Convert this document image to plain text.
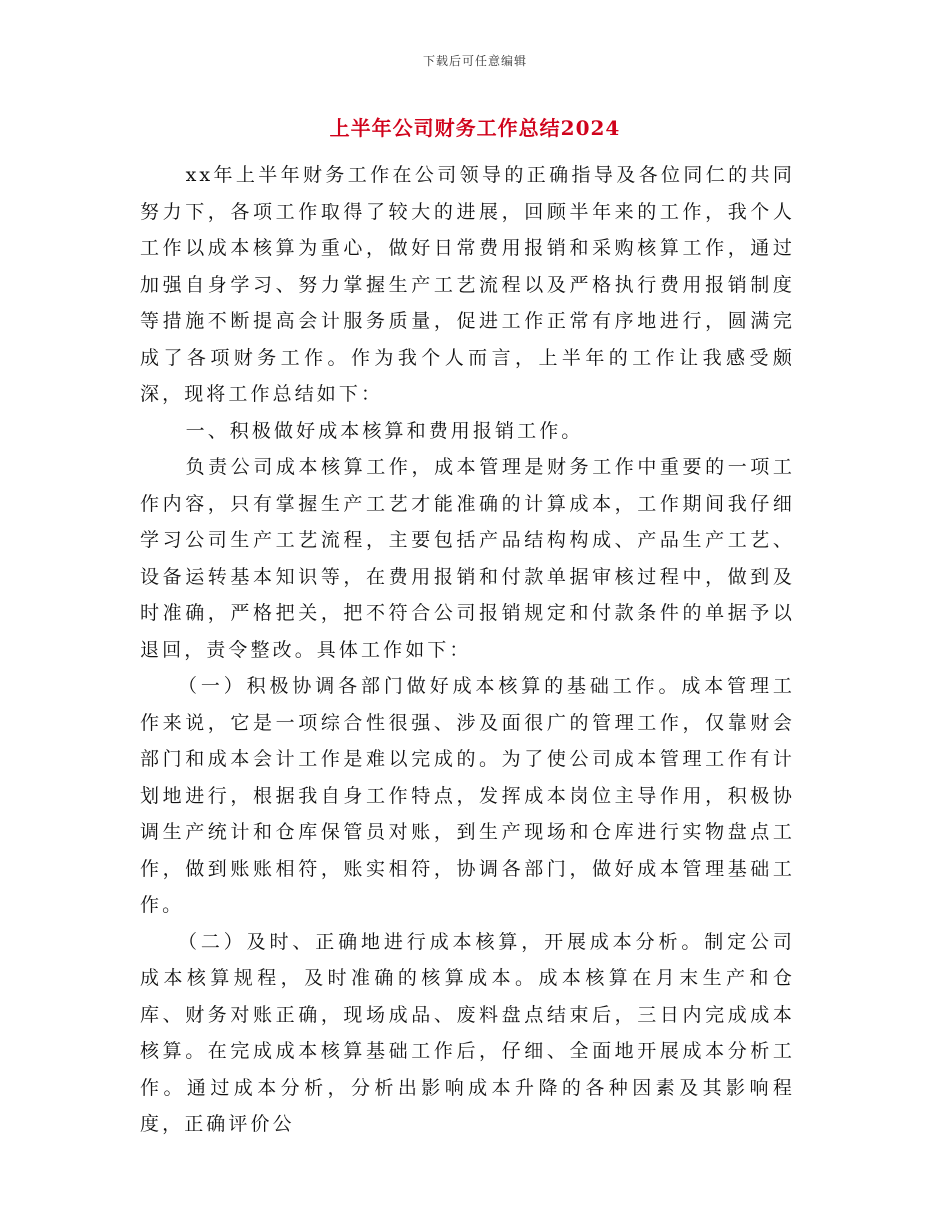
下载后可任意编辑
上半年公司财务工作总结2024

xx年上半年财务工作在公司领导的正确指导及各位同仁的共同努力下，各项工作取得了较大的进展，回顾半年来的工作，我个人工作以成本核算为重心，做好日常费用报销和采购核算工作，通过加强自身学习、努力掌握生产工艺流程以及严格执行费用报销制度等措施不断提高会计服务质量，促进工作正常有序地进行，圆满完成了各项财务工作。作为我个人而言，上半年的工作让我感受颇深，现将工作总结如下：

一、积极做好成本核算和费用报销工作。

负责公司成本核算工作，成本管理是财务工作中重要的一项工作内容，只有掌握生产工艺才能准确的计算成本，工作期间我仔细学习公司生产工艺流程，主要包括产品结构构成、产品生产工艺、设备运转基本知识等，在费用报销和付款单据审核过程中，做到及时准确，严格把关，把不符合公司报销规定和付款条件的单据予以退回，责令整改。具体工作如下：

（一）积极协调各部门做好成本核算的基础工作。成本管理工作来说，它是一项综合性很强、涉及面很广的管理工作，仅靠财会部门和成本会计工作是难以完成的。为了使公司成本管理工作有计划地进行，根据我自身工作特点，发挥成本岗位主导作用，积极协调生产统计和仓库保管员对账，到生产现场和仓库进行实物盘点工作，做到账账相符，账实相符，协调各部门，做好成本管理基础工作。

（二）及时、正确地进行成本核算，开展成本分析。制定公司成本核算规程，及时准确的核算成本。成本核算在月末生产和仓库、财务对账正确，现场成品、废料盘点结束后，三日内完成成本核算。在完成成本核算基础工作后，仔细、全面地开展成本分析工作。通过成本分析，分析出影响成本升降的各种因素及其影响程度，正确评价公
